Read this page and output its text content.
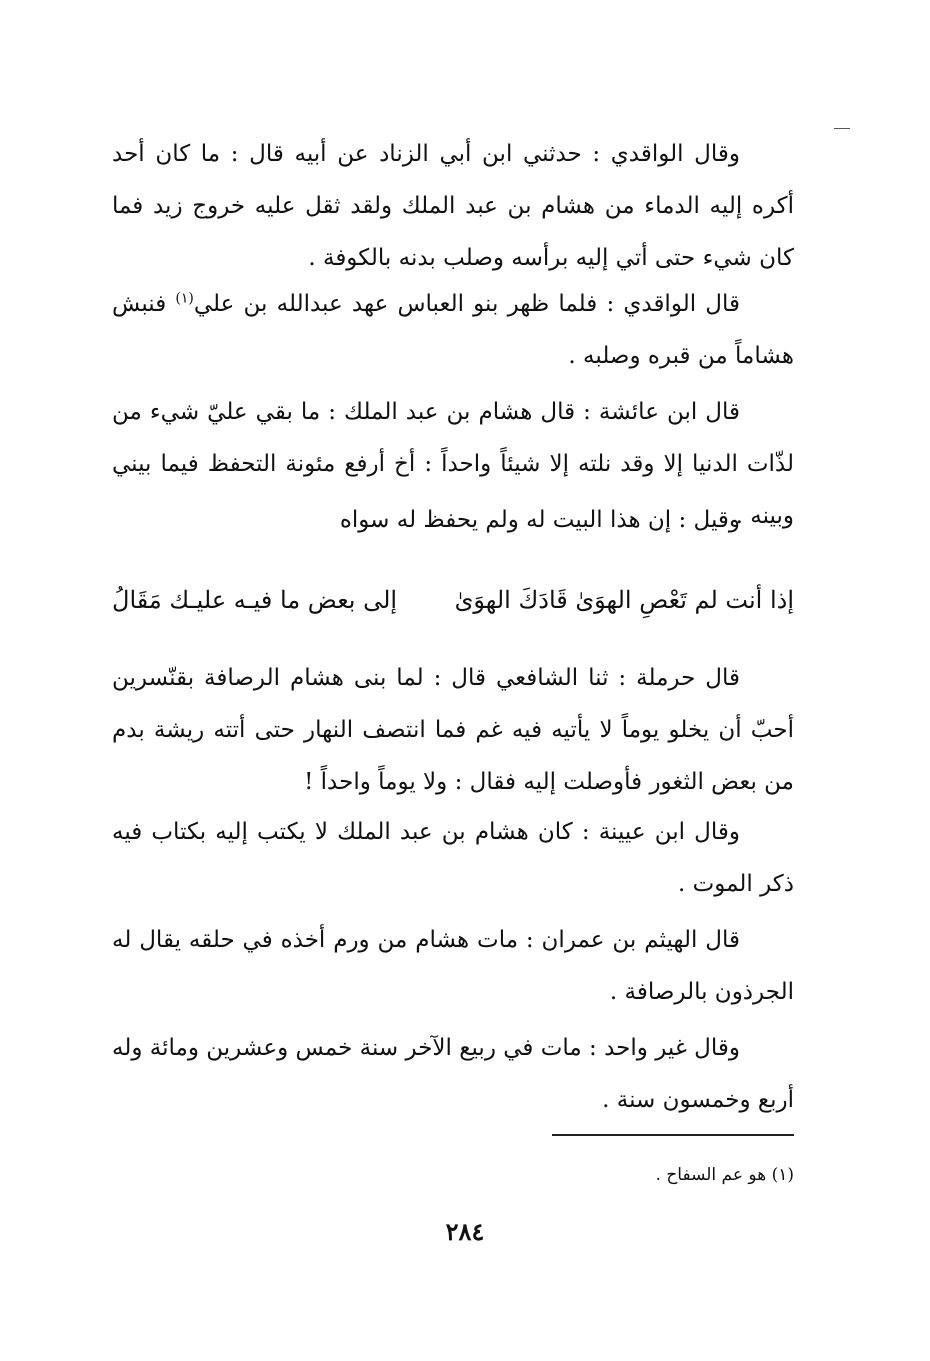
وقال الواقدي : حدثني ابن أبي الزناد عن أبيه قال : ما كان أحد أكره إليه الدماء من هشام بن عبد الملك ولقد ثقل عليه خروج زيد فما كان شيء حتى أتي إليه برأسه وصلب بدنه بالكوفة .

قال الواقدي : فلما ظهر بنو العباس عهد عبدالله بن علي$^{(١)}$ فنبش هشاماً من قبره وصلبه .

قال ابن عائشة : قال هشام بن عبد الملك : ما بقي عليّ شيء من لذّات الدنيا إلا وقد نلته إلا شيئاً واحداً : أخ أرفع مئونة التحفظ فيما بيني وبينه .

وقيل : إن هذا البيت له ولم يحفظ له سواه

إذا أنت لم تَعْصِ الهوَىٰ قَادَكَ الهوَىٰ
إلى بعض ما فيـه عليـك مَقَالُ

قال حرملة : ثنا الشافعي قال : لما بنى هشام الرصافة بقنّسرين أحبّ أن يخلو يوماً لا يأتيه فيه غم فما انتصف النهار حتى أتته ريشة بدم من بعض الثغور فأوصلت إليه فقال : ولا يوماً واحداً !

وقال ابن عيينة : كان هشام بن عبد الملك لا يكتب إليه بكتاب فيه ذكر الموت .

قال الهيثم بن عمران : مات هشام من ورم أخذه في حلقه يقال له الجرذون بالرصافة .

وقال غير واحد : مات في ربيع الآخر سنة خمس وعشرين ومائة وله أربع وخمسون سنة .

(١) هو عم السفاح .
٢٨٤
